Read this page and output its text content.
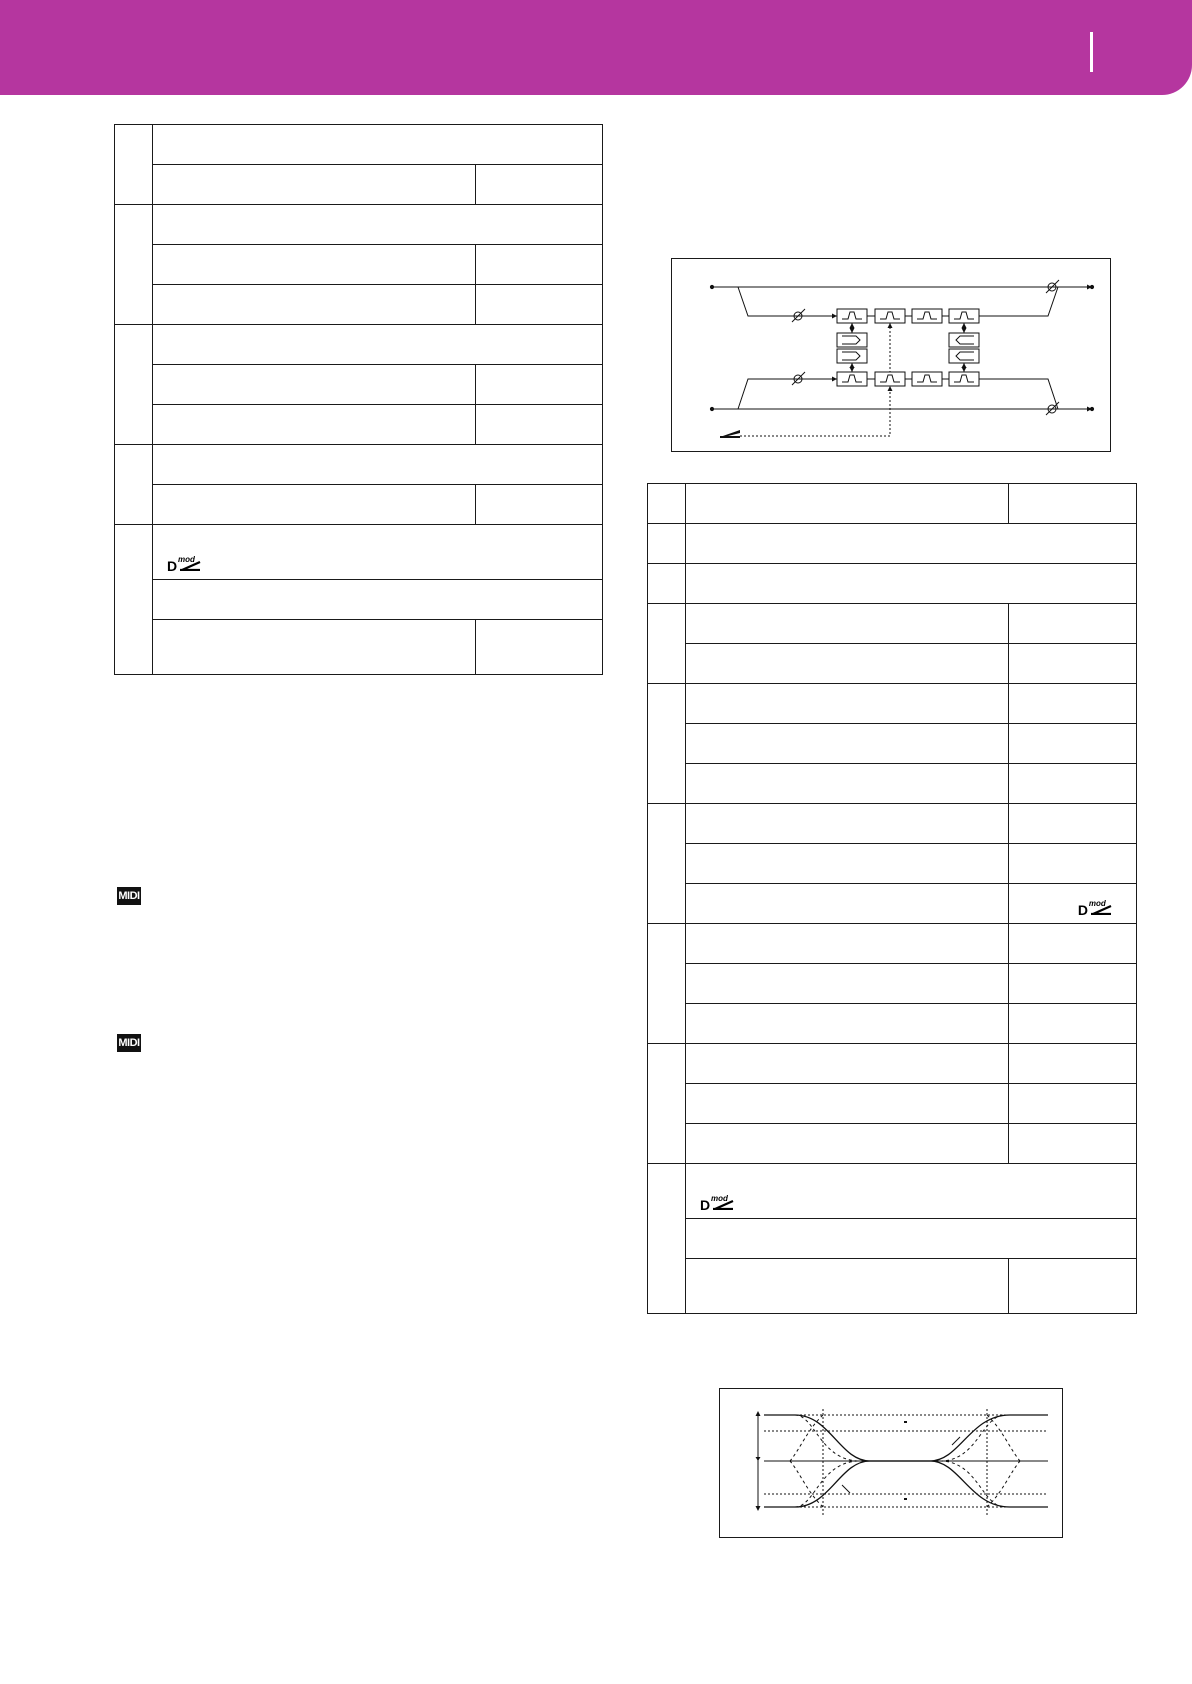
	D mod	

MIDI
MIDI

		D mod

	D mod	
